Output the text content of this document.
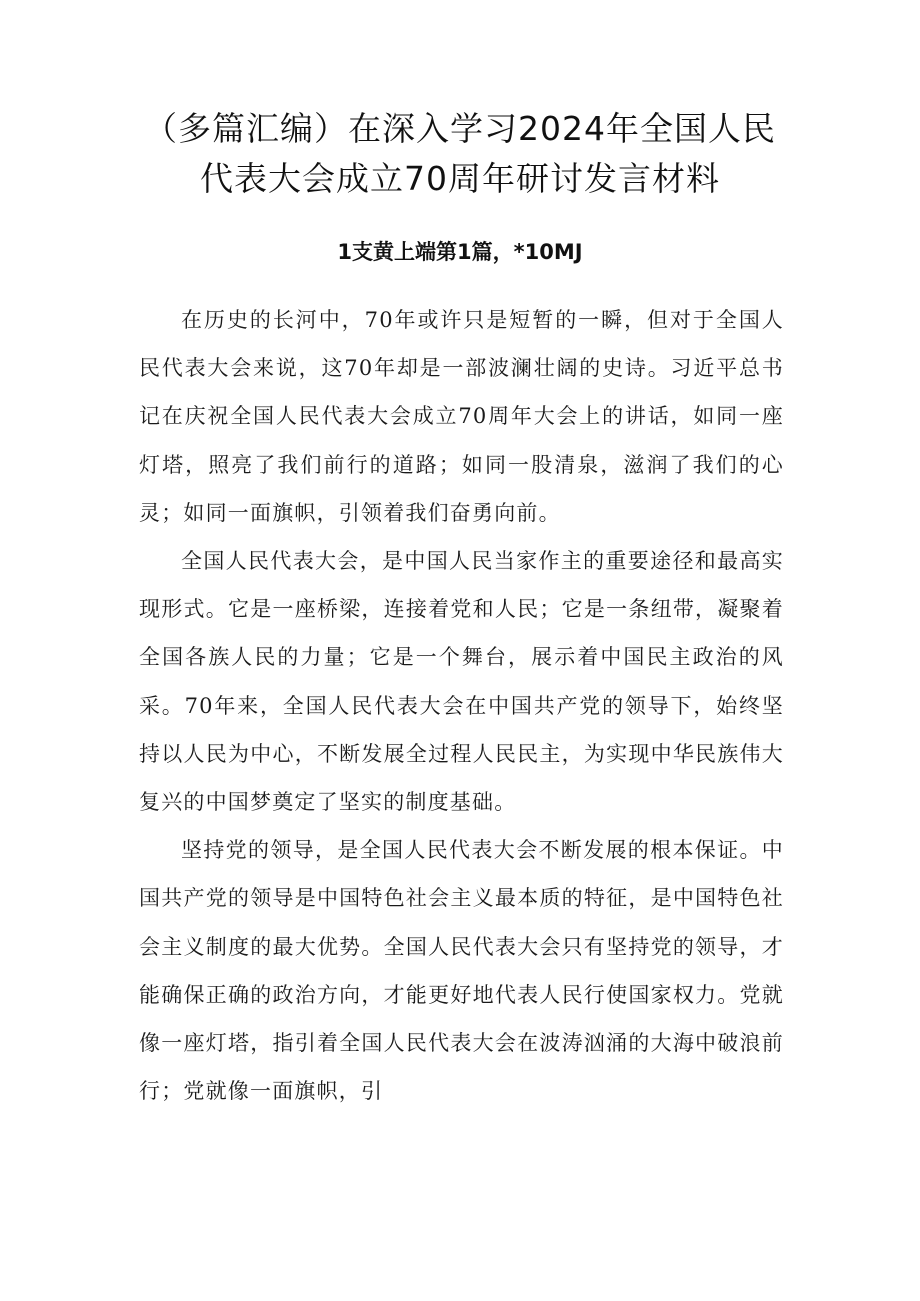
（多篇汇编）在深入学习2024年全国人民
代表大会成立70周年研讨发言材料
1支黄上端第1篇，*10MJ

在历史的长河中，70年或许只是短暂的一瞬，但对于全国人民代表大会来说，这70年却是一部波澜壮阔的史诗。习近平总书记在庆祝全国人民代表大会成立70周年大会上的讲话，如同一座灯塔，照亮了我们前行的道路；如同一股清泉，滋润了我们的心灵；如同一面旗帜，引领着我们奋勇向前。

全国人民代表大会，是中国人民当家作主的重要途径和最高实现形式。它是一座桥梁，连接着党和人民；它是一条纽带，凝聚着全国各族人民的力量；它是一个舞台，展示着中国民主政治的风采。70年来，全国人民代表大会在中国共产党的领导下，始终坚持以人民为中心，不断发展全过程人民民主，为实现中华民族伟大复兴的中国梦奠定了坚实的制度基础。

坚持党的领导，是全国人民代表大会不断发展的根本保证。中国共产党的领导是中国特色社会主义最本质的特征，是中国特色社会主义制度的最大优势。全国人民代表大会只有坚持党的领导，才能确保正确的政治方向，才能更好地代表人民行使国家权力。党就像一座灯塔，指引着全国人民代表大会在波涛汹涌的大海中破浪前行；党就像一面旗帜，引
